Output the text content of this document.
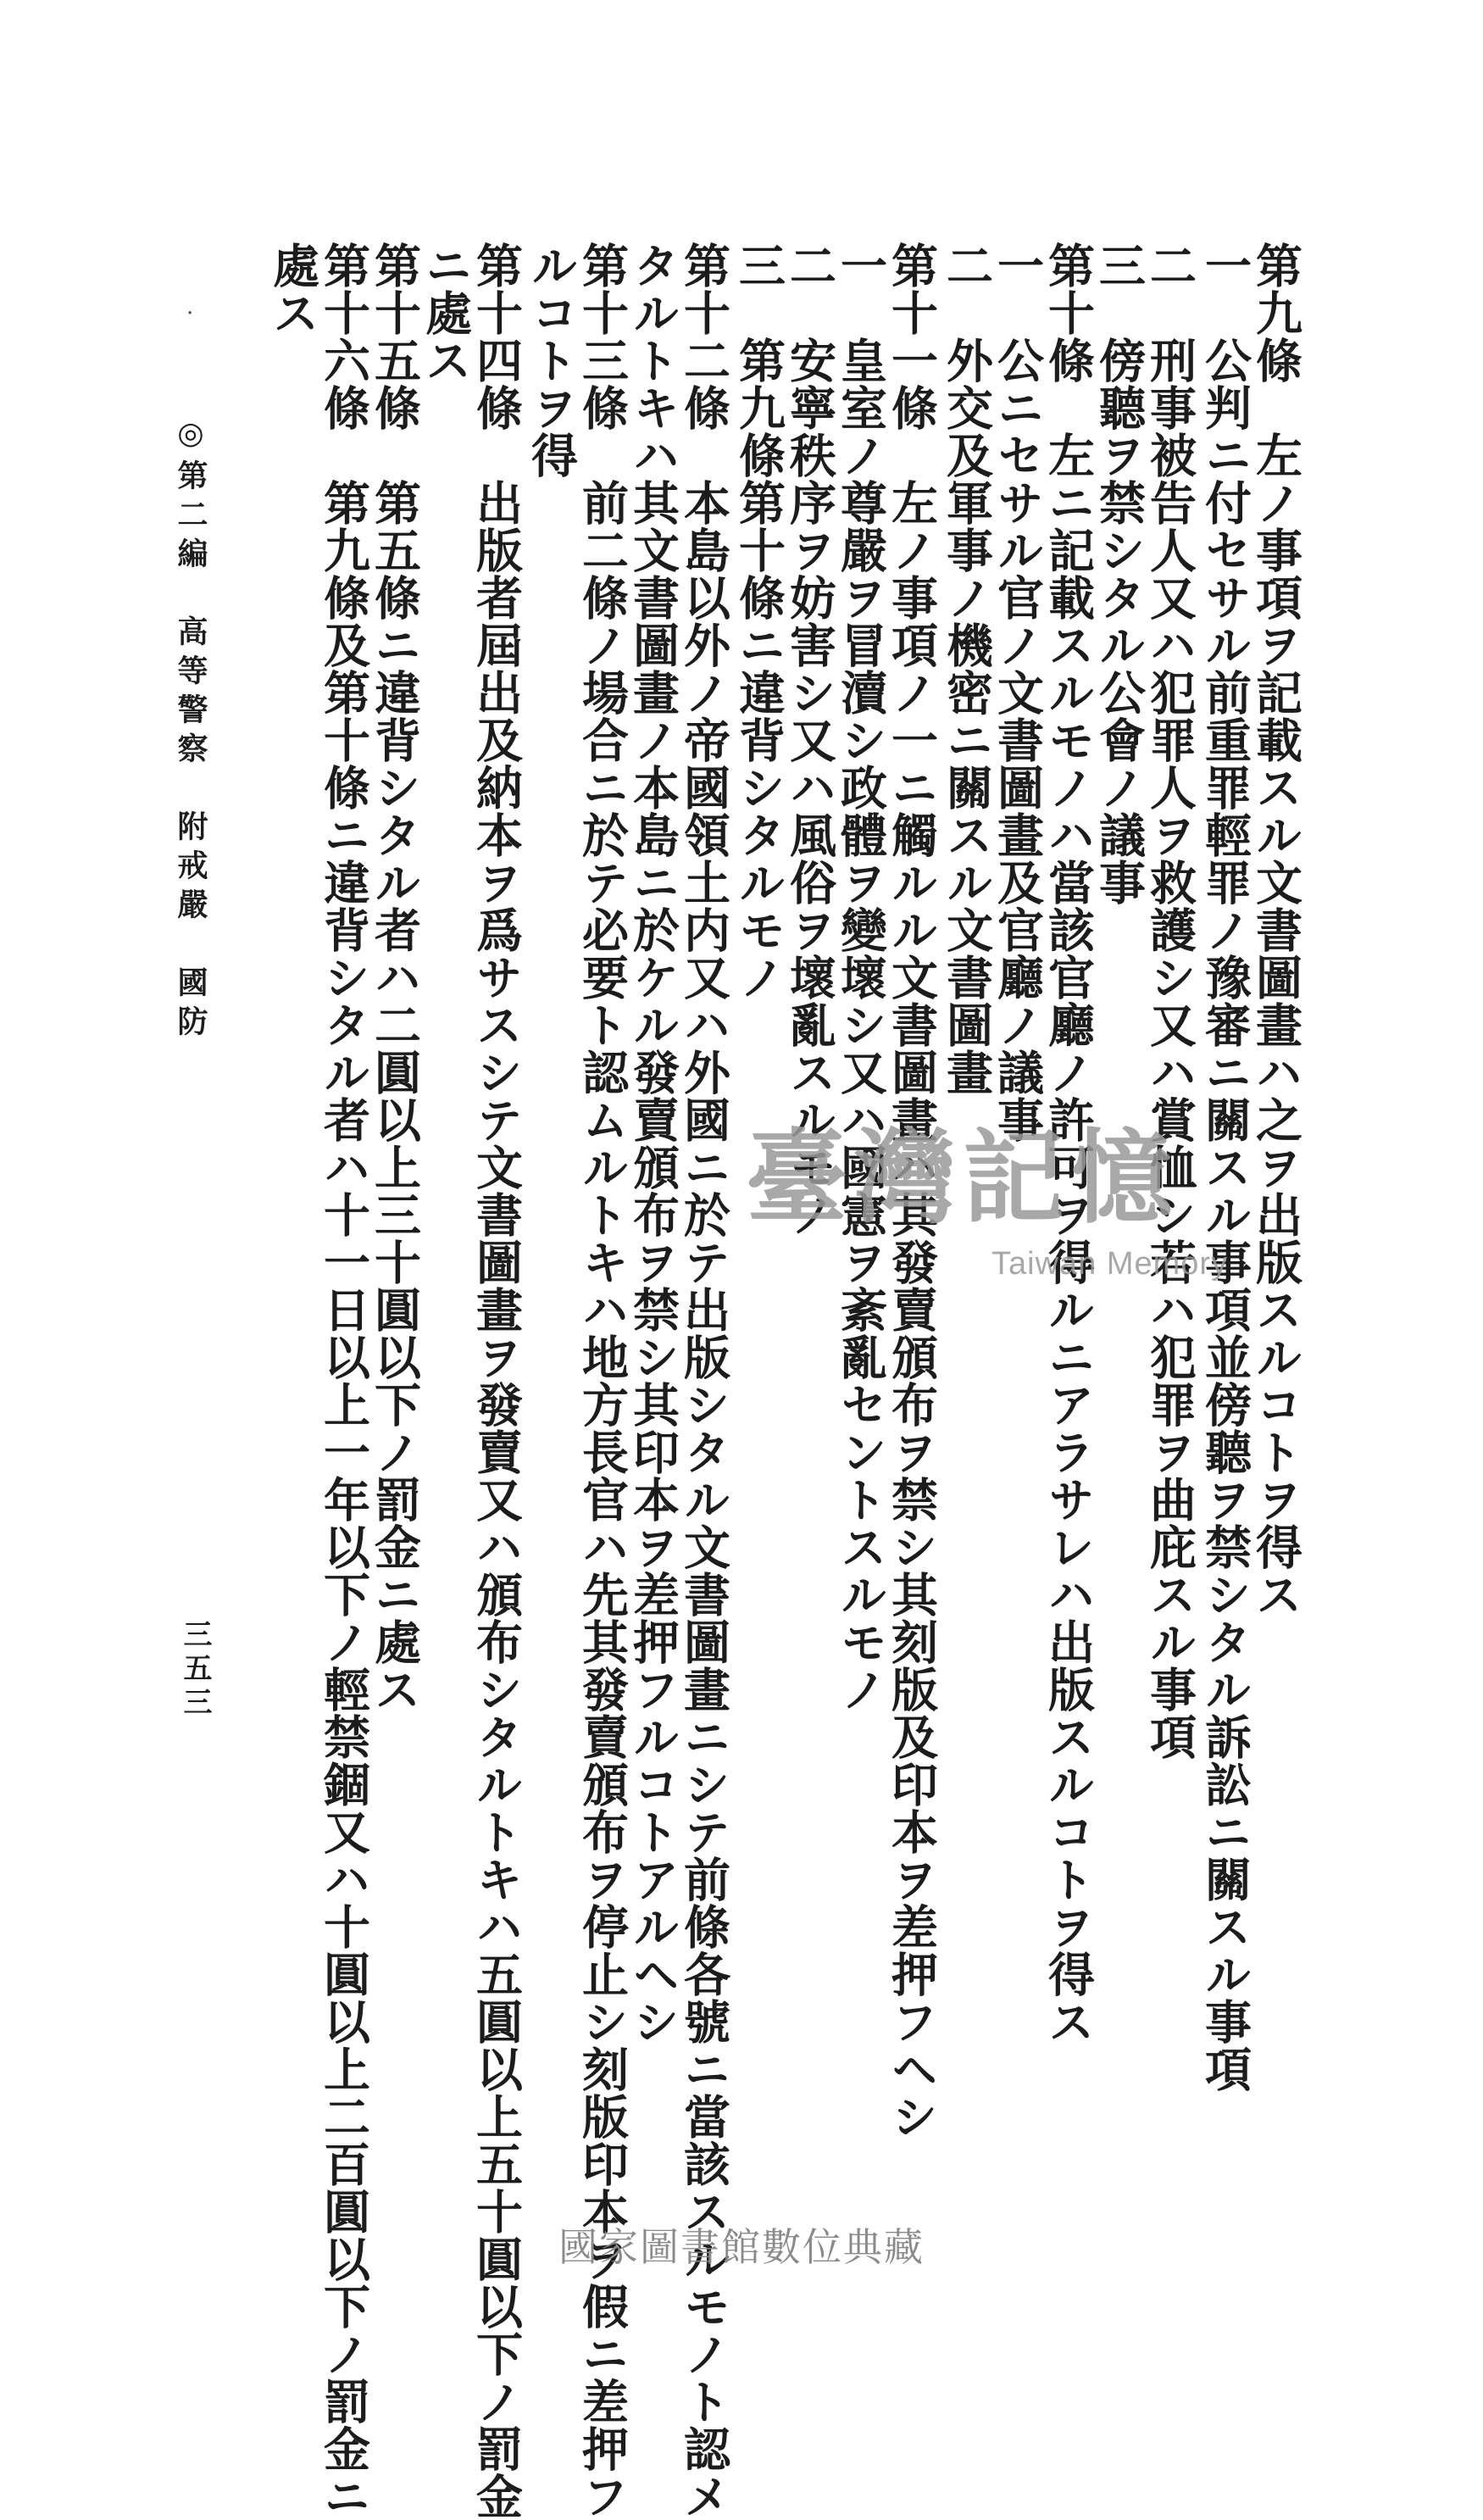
第九條　左ノ事項ヲ記載スル文書圖畫ハ之ヲ出版スルコトヲ得ス
一　公判ニ付セサル前重罪輕罪ノ豫審ニ關スル事項並傍聽ヲ禁シタル訴訟ニ關スル事項
二　刑事被告人又ハ犯罪人ヲ救護シ又ハ賞恤シ若ハ犯罪ヲ曲庇スル事項
三　傍聽ヲ禁シタル公會ノ議事
第十條　左ニ記載スルモノハ當該官廳ノ許可ヲ得ルニアラサレハ出版スルコトヲ得ス
一　公ニセサル官ノ文書圖畫及官廳ノ議事
二　外交及軍事ノ機密ニ關スル文書圖畫
第十一條　左ノ事項ノ一ニ觸ルル文書圖畫ハ其發賣頒布ヲ禁シ其刻版及印本ヲ差押フヘシ
一　皇室ノ尊嚴ヲ冒瀆シ政體ヲ變壞シ又ハ國憲ヲ紊亂セントスルモノ
二　安寧秩序ヲ妨害シ又ハ風俗ヲ壞亂スルモノ
三　第九條第十條ニ違背シタルモノ
第十二條　本島以外ノ帝國領土内又ハ外國ニ於テ出版シタル文書圖畫ニシテ前條各號ニ當該スルモノト認メ
タルトキハ其文書圖畫ノ本島ニ於ケル發賣頒布ヲ禁シ其印本ヲ差押フルコトアルヘシ
第十三條　前二條ノ場合ニ於テ必要ト認ムルトキハ地方長官ハ先其發賣頒布ヲ停止シ刻版印本ヲ假ニ差押フ
ルコトヲ得
第十四條　出版者屆出及納本ヲ爲サスシテ文書圖畫ヲ發賣又ハ頒布シタルトキハ五圓以上五十圓以下ノ罰金
ニ處ス
第十五條　第五條ニ違背シタル者ハ二圓以上三十圓以下ノ罰金ニ處ス
第十六條　第九條及第十條ニ違背シタル者ハ十一日以上一年以下ノ輕禁錮又ハ十圓以上二百圓以下ノ罰金ニ
處ス
·
◎第二編　高等警察　附戒嚴　國防
三五三
臺灣記憶
Taiwan Memory
國家圖書館數位典藏
